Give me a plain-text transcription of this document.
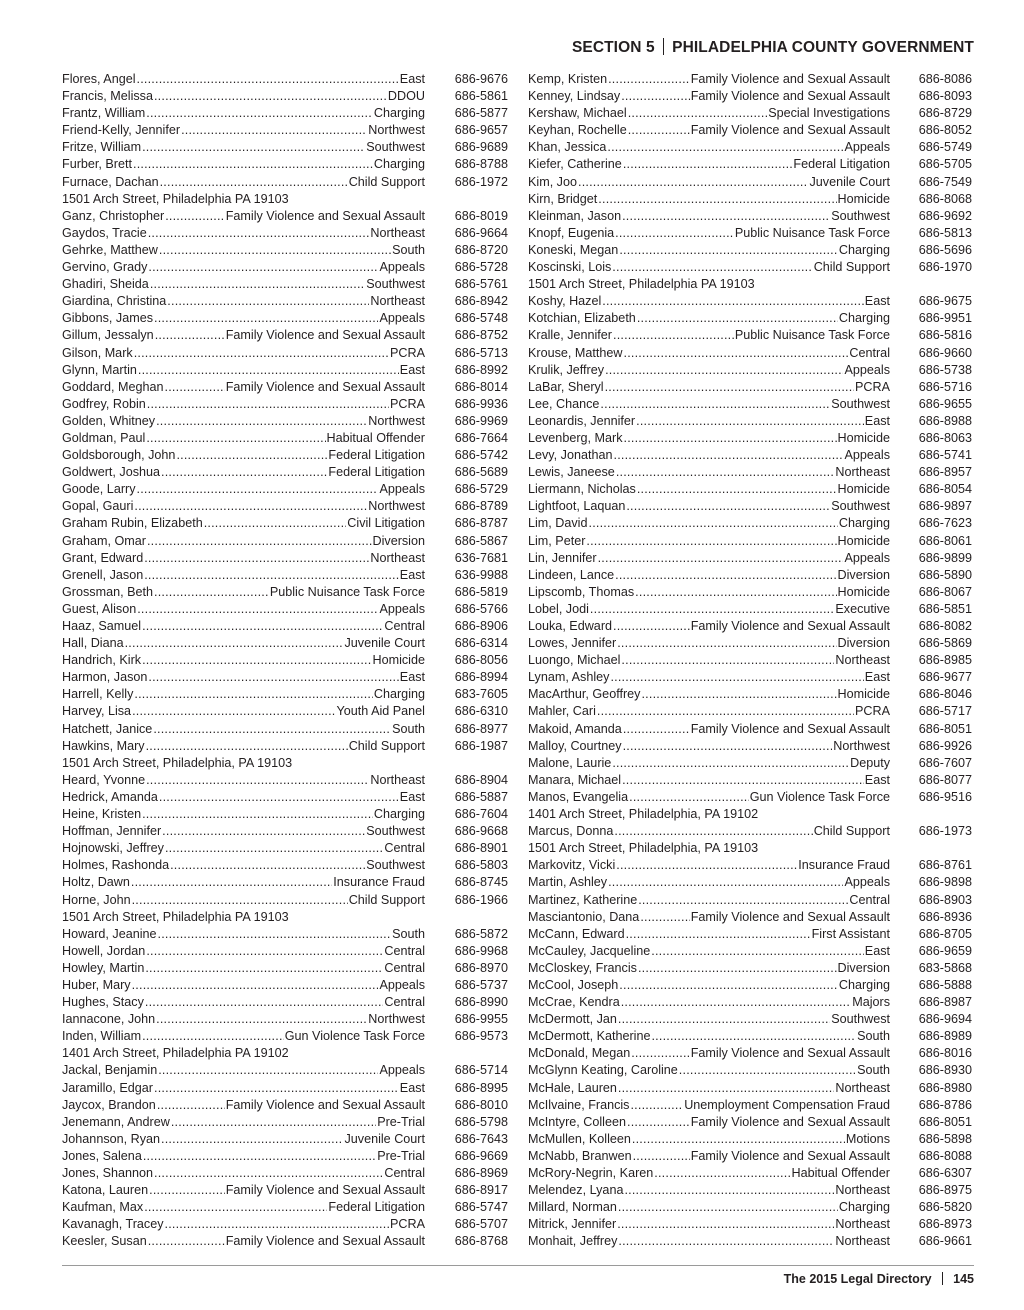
SECTION 5 PHILADELPHIA COUNTY GOVERNMENT
Flores, Angel .....	East 686-9676
Francis, Melissa .....	DDOU 686-5861
Frantz, William .....	Charging 686-5877
Friend-Kelly, Jennifer .....	Northwest 686-9657
Fritze, William .....	Southwest 686-9689
Furber, Brett .....	Charging 686-8788
Furnace, Dachan .....	Child Support 686-1972
1501 Arch Street, Philadelphia PA 19103
Ganz, Christopher .....	Family Violence and Sexual Assault 686-8019
Gaydos, Tracie .....	Northeast 686-9664
Gehrke, Matthew .....	South 686-8720
Gervino, Grady .....	Appeals 686-5728
Ghadiri, Sheida .....	Southwest 686-5761
Giardina, Christina .....	Northeast 686-8942
Gibbons, James .....	Appeals 686-5748
Gillum, Jessalyn .....	Family Violence and Sexual Assault 686-8752
Gilson, Mark .....	PCRA 686-5713
Glynn, Martin .....	East 686-8992
Goddard, Meghan .....	Family Violence and Sexual Assault 686-8014
Godfrey, Robin .....	PCRA 686-9936
Golden, Whitney .....	Northwest 686-9969
Goldman, Paul .....	Habitual Offender 686-7664
Goldsborough, John .....	Federal Litigation 686-5742
Goldwert, Joshua .....	Federal Litigation 686-5689
Goode, Larry .....	Appeals 686-5729
Gopal, Gauri .....	Northwest 686-8789
Graham Rubin, Elizabeth .....	Civil Litigation 686-8787
Graham, Omar .....	Diversion 686-5867
Grant, Edward .....	Northeast 636-7681
Grenell, Jason .....	East 636-9988
Grossman, Beth .....	Public Nuisance Task Force 686-5819
Guest, Alison .....	Appeals 686-5766
Haaz, Samuel .....	Central 686-8906
Hall, Diana .....	Juvenile Court 686-6314
Handrich, Kirk .....	Homicide 686-8056
Harmon, Jason .....	East 686-8994
Harrell, Kelly .....	Charging 683-7605
Harvey, Lisa .....	Youth Aid Panel 686-6310
Hatchett, Janice .....	South 686-8977
Hawkins, Mary .....	Child Support 686-1987
1501 Arch Street, Philadelphia, PA 19103
Heard, Yvonne .....	Northeast 686-8904
Hedrick, Amanda .....	East 686-5887
Heine, Kristen .....	Charging 686-7604
Hoffman, Jennifer .....	Southwest 686-9668
Hojnowski, Jeffrey .....	Central 686-8901
Holmes, Rashonda .....	Southwest 686-5803
Holtz, Dawn .....	Insurance Fraud 686-8745
Horne, John .....	Child Support 686-1966
1501 Arch Street, Philadelphia PA 19103
Howard, Jeanine .....	South 686-5872
Howell, Jordan .....	Central 686-9968
Howley, Martin .....	Central 686-8970
Huber, Mary .....	Appeals 686-5737
Hughes, Stacy .....	Central 686-8990
Iannacone, John .....	Northwest 686-9955
Inden, William .....	Gun Violence Task Force 686-9573
1401 Arch Street, Philadelphia PA 19102
Jackal, Benjamin .....	Appeals 686-5714
Jaramillo, Edgar .....	East 686-8995
Jaycox, Brandon .....	Family Violence and Sexual Assault 686-8010
Jenemann, Andrew .....	Pre-Trial 686-5798
Johannson, Ryan .....	Juvenile Court 686-7643
Jones, Salena .....	Pre-Trial 686-9669
Jones, Shannon .....	Central 686-8969
Katona, Lauren .....	Family Violence and Sexual Assault 686-8917
Kaufman, Max .....	Federal Litigation 686-5747
Kavanagh, Tracey .....	PCRA 686-5707
Keesler, Susan .....	Family Violence and Sexual Assault 686-8768
Kemp, Kristen .....	Family Violence and Sexual Assault 686-8086
Kenney, Lindsay .....	Family Violence and Sexual Assault 686-8093
Kershaw, Michael .....	Special Investigations 686-8729
Keyhan, Rochelle .....	Family Violence and Sexual Assault 686-8052
Khan, Jessica .....	Appeals 686-5749
Kiefer, Catherine .....	Federal Litigation 686-5705
Kim, Joo .....	Juvenile Court 686-7549
Kirn, Bridget .....	Homicide 686-8068
Kleinman, Jason .....	Southwest 686-9692
Knopf, Eugenia .....	Public Nuisance Task Force 686-5813
Koneski, Megan .....	Charging 686-5696
Koscinski, Lois .....	Child Support 686-1970
1501 Arch Street, Philadelphia PA 19103
Koshy, Hazel .....	East 686-9675
Kotchian, Elizabeth .....	Charging 686-9951
Kralle, Jennifer .....	Public Nuisance Task Force 686-5816
Krouse, Matthew .....	Central 686-9660
Krulik, Jeffrey .....	Appeals 686-5738
LaBar, Sheryl .....	PCRA 686-5716
Lee, Chance .....	Southwest 686-9655
Leonardis, Jennifer .....	East 686-8988
Levenberg, Mark .....	Homicide 686-8063
Levy, Jonathan .....	Appeals 686-5741
Lewis, Janeese .....	Northeast 686-8957
Liermann, Nicholas .....	Homicide 686-8054
Lightfoot, Laquan .....	Southwest 686-9897
Lim, David .....	Charging 686-7623
Lim, Peter .....	Homicide 686-8061
Lin, Jennifer .....	Appeals 686-9899
Lindeen, Lance .....	Diversion 686-5890
Lipscomb, Thomas .....	Homicide 686-8067
Lobel, Jodi .....	Executive 686-5851
Louka, Edward .....	Family Violence and Sexual Assault 686-8082
Lowes, Jennifer .....	Diversion 686-5869
Luongo, Michael .....	Northeast 686-8985
Lynam, Ashley .....	East 686-9677
MacArthur, Geoffrey .....	Homicide 686-8046
Mahler, Cari .....	PCRA 686-5717
Makoid, Amanda .....	Family Violence and Sexual Assault 686-8051
Malloy, Courtney .....	Northwest 686-9926
Malone, Laurie .....	Deputy 686-7607
Manara, Michael .....	East 686-8077
Manos, Evangelia .....	Gun Violence Task Force 686-9516
1401 Arch Street, Philadelphia, PA 19102
Marcus, Donna .....	Child Support 686-1973
1501 Arch Street, Philadelphia, PA 19103
Markovitz, Vicki .....	Insurance Fraud 686-8761
Martin, Ashley .....	Appeals 686-9898
Martinez, Katherine .....	Central 686-8903
Masciantonio, Dana .....	Family Violence and Sexual Assault 686-8936
McCann, Edward .....	First Assistant 686-8705
McCauley, Jacqueline .....	East 686-9659
McCloskey, Francis .....	Diversion 683-5868
McCool, Joseph .....	Charging 686-5888
McCrae, Kendra .....	Majors 686-8987
McDermott, Jan .....	Southwest 686-9694
McDermott, Katherine .....	South 686-8989
McDonald, Megan .....	Family Violence and Sexual Assault 686-8016
McGlynn Keating, Caroline .....	South 686-8930
McHale, Lauren .....	Northeast 686-8980
McIlvaine, Francis .....	Unemployment Compensation Fraud 686-8786
McIntyre, Colleen .....	Family Violence and Sexual Assault 686-8051
McMullen, Kolleen .....	Motions 686-5898
McNabb, Branwen .....	Family Violence and Sexual Assault 686-8088
McRory-Negrin, Karen .....	Habitual Offender 686-6307
Melendez, Lyana .....	Northeast 686-8975
Millard, Norman .....	Charging 686-5820
Mitrick, Jennifer .....	Northeast 686-8973
Monhait, Jeffrey .....	Northeast 686-9661
The 2015 Legal Directory 145
